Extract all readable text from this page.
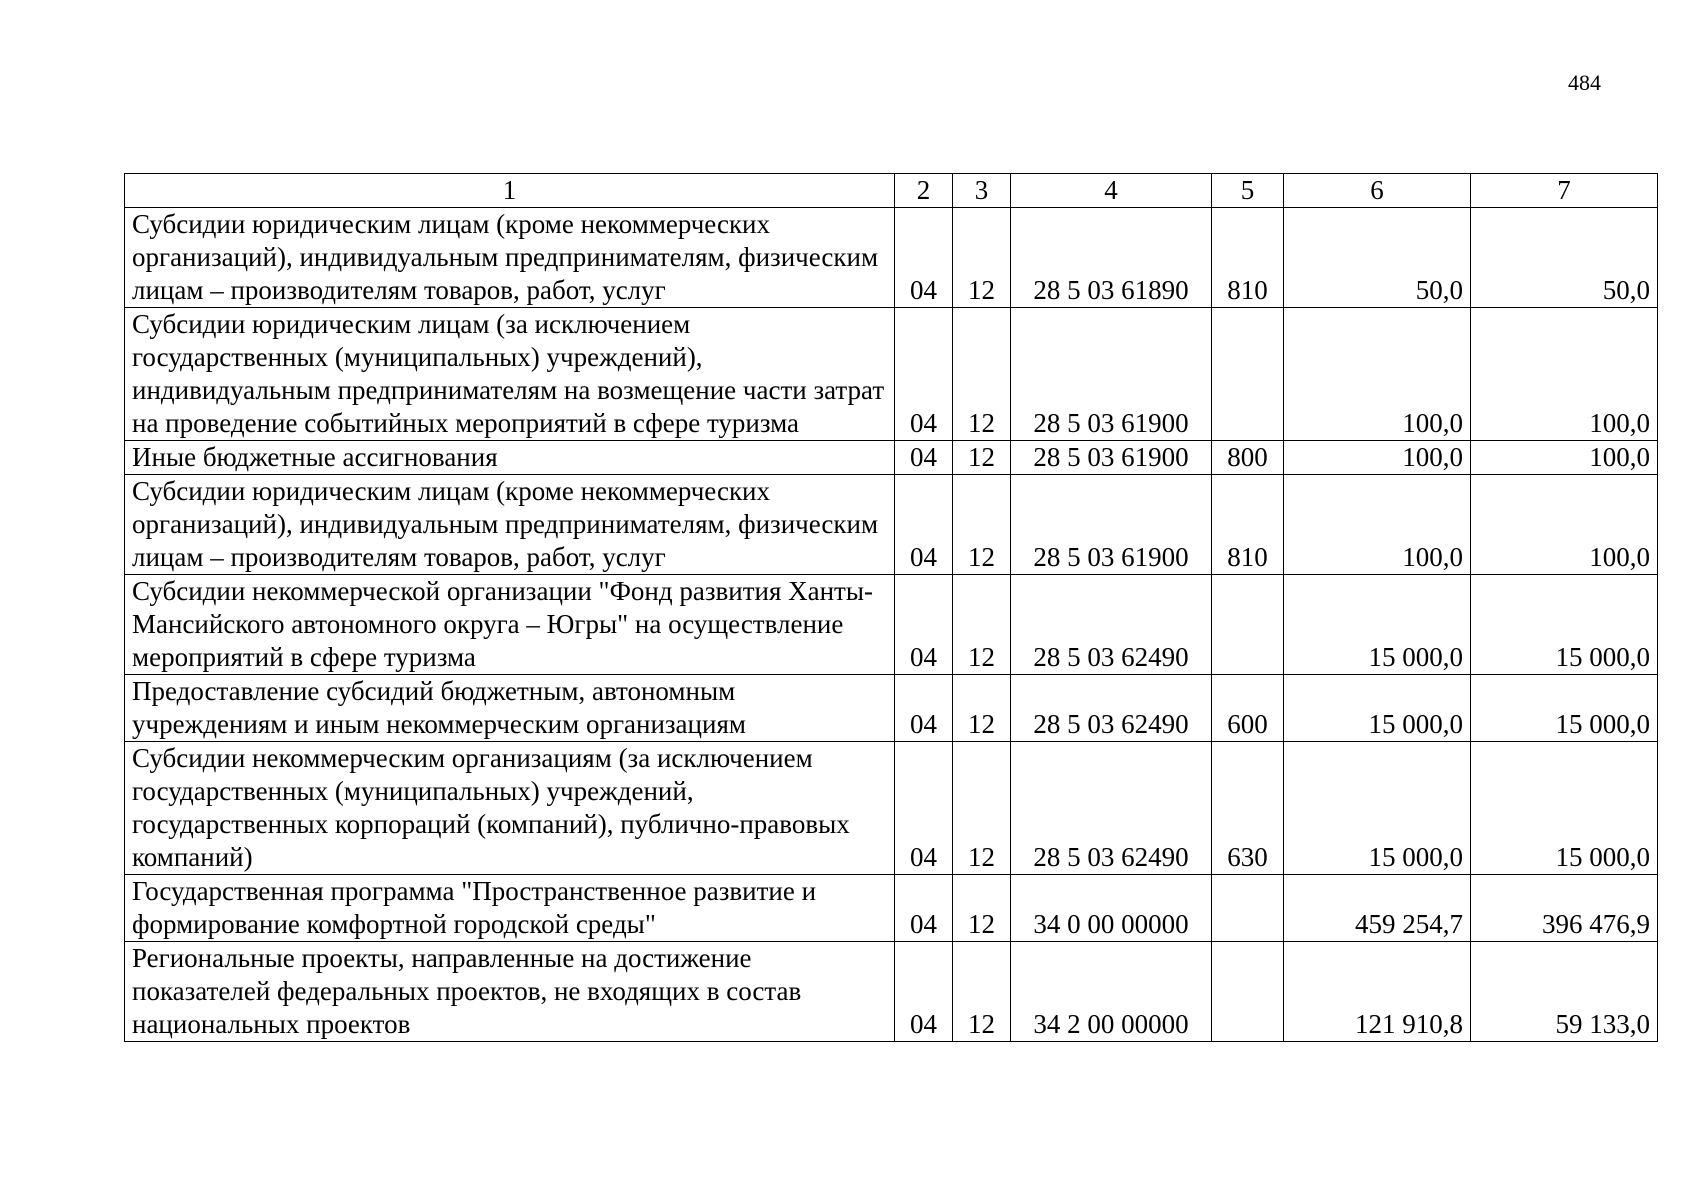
484
1	2	3	4	5	6	7
Субсидии юридическим лицам (кроме некоммерческих организаций), индивидуальным предпринимателям, физическим лицам – производителям товаров, работ, услуг	04	12	28 5 03 61890	810	50,0	50,0
Субсидии юридическим лицам (за исключением государственных (муниципальных) учреждений), индивидуальным предпринимателям на возмещение части затрат на проведение событийных мероприятий в сфере туризма	04	12	28 5 03 61900		100,0	100,0
Иные бюджетные ассигнования	04	12	28 5 03 61900	800	100,0	100,0
Субсидии юридическим лицам (кроме некоммерческих организаций), индивидуальным предпринимателям, физическим лицам – производителям товаров, работ, услуг	04	12	28 5 03 61900	810	100,0	100,0
Субсидии некоммерческой организации "Фонд развития Ханты-Мансийского автономного округа – Югры" на осуществление мероприятий в сфере туризма	04	12	28 5 03 62490		15 000,0	15 000,0
Предоставление субсидий бюджетным, автономным учреждениям и иным некоммерческим организациям	04	12	28 5 03 62490	600	15 000,0	15 000,0
Субсидии некоммерческим организациям (за исключением государственных (муниципальных) учреждений, государственных корпораций (компаний), публично-правовых компаний)	04	12	28 5 03 62490	630	15 000,0	15 000,0
Государственная программа "Пространственное развитие и формирование комфортной городской среды"	04	12	34 0 00 00000		459 254,7	396 476,9
Региональные проекты, направленные на достижение показателей федеральных проектов, не входящих в состав национальных проектов	04	12	34 2 00 00000		121 910,8	59 133,0
